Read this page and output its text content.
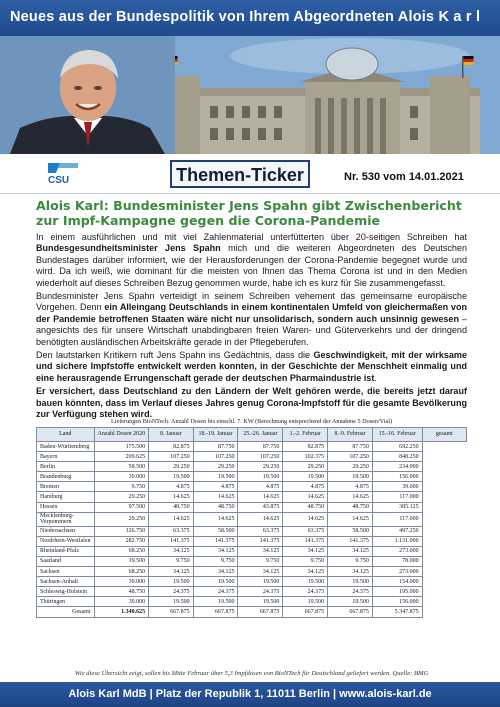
Neues aus der Bundespolitik von Ihrem Abgeordneten Alois K a r l
CSU	Themen-Ticker	Nr. 530 vom 14.01.2021
Alois Karl: Bundesminister Jens Spahn gibt Zwischenbericht zur Impf-Kampagne gegen die Corona-Pandemie

In einem ausführlichen und mit viel Zahlenmaterial unterfütterten über 20-seitigen Schreiben hat Bundesgesundheitsminister Jens Spahn mich und die weiteren Abgeordneten des Deutschen Bundestages darüber informiert, wie der Herausforderungen der Corona-Pandemie begegnet wurde und wird. Da ich weiß, wie dominant für die meisten von Ihnen das Thema Corona ist und in den Medien wiederholt auf dieses Schreiben Bezug genommen wurde, habe ich es kurz für Sie zusammengefasst.

Bundesminister Jens Spahn verteidigt in seinem Schreiben vehement das gemeinsame europäische Vorgehen. Denn ein Alleingang Deutschlands in einem kontinentalen Umfeld von gleichermaßen von der Pandemie betroffenen Staaten wäre nicht nur unsolidarisch, sondern auch unsinnig gewesen – angesichts des für unsere Wirtschaft unabdingbaren freien Waren- und Güterverkehrs und der dringend benötigten ausländischen Arbeitskräfte gerade in der Pflegeberufen.

Den lautstarken Kritikern ruft Jens Spahn ins Gedächtnis, dass die Geschwindigkeit, mit der wirksame und sichere Impfstoffe entwickelt werden konnten, in der Geschichte der Menschheit einmalig und eine herausragende Errungenschaft gerade der deutschen Pharmaindustrie ist.

Er versichert, dass Deutschland zu den Ländern der Welt gehören werde, die bereits jetzt darauf bauen könnten, dass im Verlauf dieses Jahres genug Corona-Impfstoff für die gesamte Bevölkerung zur Verfügung stehen wird.

Lieferungen BioNTech: Anzahl Dosen bis einschl. 7. KW (Berechnung entsprechend der Annahme 5 Dosen/Vial)
Land	Anzahl Dosen 2020	8. Januar	18.-19. Januar	25.-26. Januar	1.-2. Februar	8.-9. Februar	15.-16. Februar	gesamt
Baden-Württemberg	175.500	82.875	87.750	87.750	82.875	87.750	692.250	
Bayern	209.625	107.250	107.250	107.250	102.375	107.250	848.250	
Berlin	58.500	29.250	29.250	29.250	29.250	29.250	234.000	
Brandenburg	39.000	19.500	19.500	19.500	19.500	19.500	156.000	
Bremen	9.750	4.875	4.875	4.875	4.875	4.875	39.000	
Hamburg	29.250	14.625	14.625	14.625	14.625	14.625	117.000	
Hessen	97.500	48.750	48.750	43.875	48.750	48.750	385.125	
Mecklenburg-Vorpommern	29.250	14.625	14.625	14.625	14.625	14.625	117.000	
Niedersachsen	126.750	63.375	58.500	63.375	63.375	58.500	497.250	
Nordrhein-Westfalen	282.750	141.375	141.375	141.375	141.375	141.375	1.131.000	
Rheinland-Pfalz	68.250	34.125	34.125	34.125	34.125	34.125	273.000	
Saarland	19.500	9.750	9.750	9.750	9.750	9.750	78.000	
Sachsen	68.250	34.125	34.125	34.125	34.125	34.125	273.000	
Sachsen-Anhalt	39.000	19.500	19.500	19.500	19.500	19.500	154.000	
Schleswig-Holstein	48.750	24.375	24.375	24.375	24.375	24.375	195.000	
Thüringen	39.000	19.500	19.500	19.500	19.500	19.500	156.000	
Gesamt	1.340.625	667.875	667.875	667.875	667.875	667.875	5.347.875	
Wie diese Übersicht zeigt, sollen bis Mitte Februar über 5,3 Impfdosen von BioNTech für Deutschland geliefert werden. Quelle: BMG
Alois Karl MdB | Platz der Republik 1, 11011 Berlin | www.alois-karl.de
